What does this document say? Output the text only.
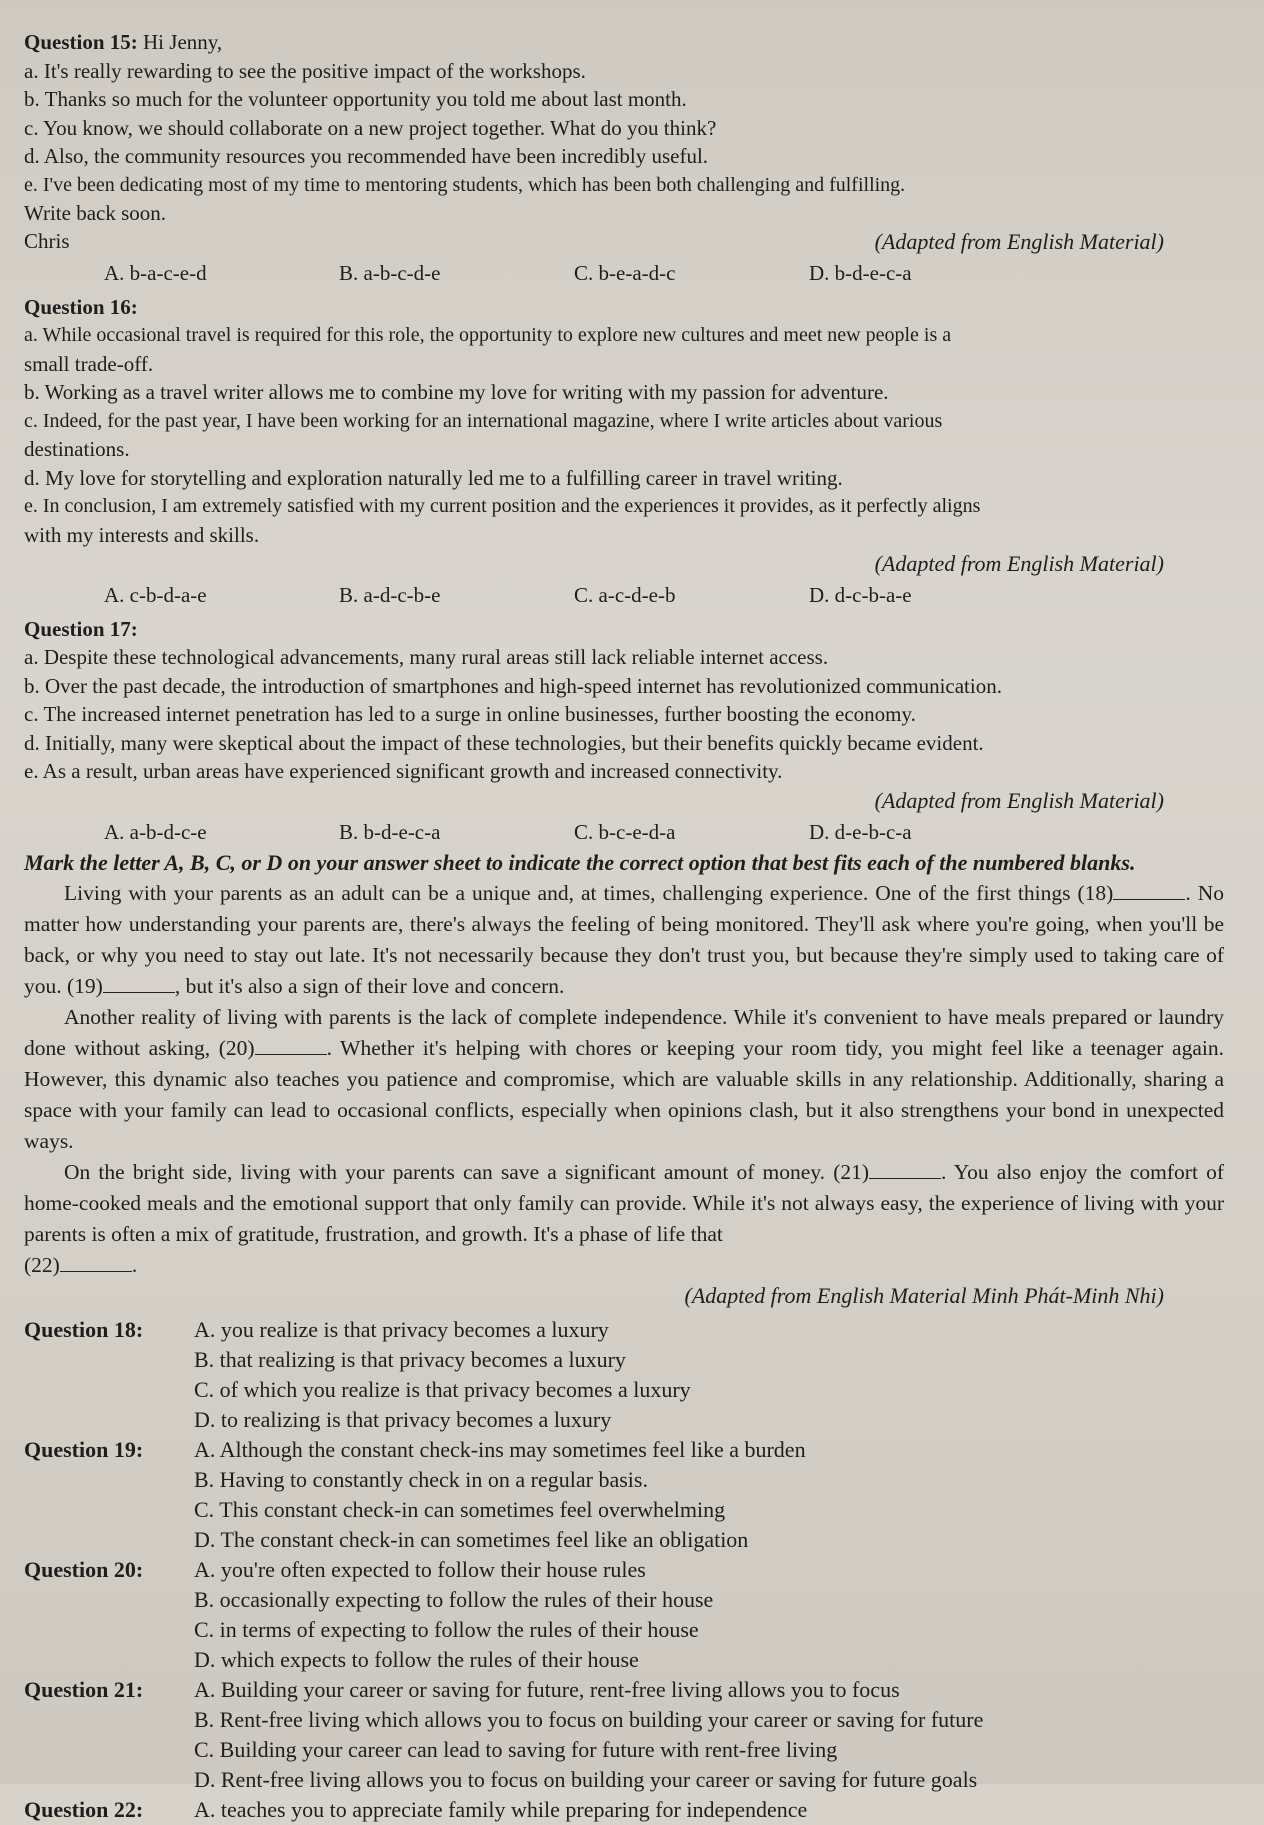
Question 15: Hi Jenny,
a. It's really rewarding to see the positive impact of the workshops.
b. Thanks so much for the volunteer opportunity you told me about last month.
c. You know, we should collaborate on a new project together. What do you think?
d. Also, the community resources you recommended have been incredibly useful.
e. I've been dedicating most of my time to mentoring students, which has been both challenging and fulfilling.
Write back soon.
Chris	(Adapted from English Material)
A. b-a-c-e-d	B. a-b-c-d-e	C. b-e-a-d-c	D. b-d-e-c-a
Question 16:
a. While occasional travel is required for this role, the opportunity to explore new cultures and meet new people is a
small trade-off.
b. Working as a travel writer allows me to combine my love for writing with my passion for adventure.
c. Indeed, for the past year, I have been working for an international magazine, where I write articles about various
destinations.
d. My love for storytelling and exploration naturally led me to a fulfilling career in travel writing.
e. In conclusion, I am extremely satisfied with my current position and the experiences it provides, as it perfectly aligns
with my interests and skills.
(Adapted from English Material)
A. c-b-d-a-e	B. a-d-c-b-e	C. a-c-d-e-b	D. d-c-b-a-e
Question 17:
a. Despite these technological advancements, many rural areas still lack reliable internet access.
b. Over the past decade, the introduction of smartphones and high-speed internet has revolutionized communication.
c. The increased internet penetration has led to a surge in online businesses, further boosting the economy.
d. Initially, many were skeptical about the impact of these technologies, but their benefits quickly became evident.
e. As a result, urban areas have experienced significant growth and increased connectivity.
(Adapted from English Material)
A. a-b-d-c-e	B. b-d-e-c-a	C. b-c-e-d-a	D. d-e-b-c-a
Mark the letter A, B, C, or D on your answer sheet to indicate the correct option that best fits each of the numbered blanks.

Living with your parents as an adult can be a unique and, at times, challenging experience. One of the first things (18)	. No matter how understanding your parents are, there's always the feeling of being monitored. They'll ask where you're going, when you'll be back, or why you need to stay out late. It's not necessarily because they don't trust you, but because they're simply used to taking care of you. (19)	, but it's also a sign of their love and concern.

Another reality of living with parents is the lack of complete independence. While it's convenient to have meals prepared or laundry done without asking, (20)	. Whether it's helping with chores or keeping your room tidy, you might feel like a teenager again. However, this dynamic also teaches you patience and compromise, which are valuable skills in any relationship. Additionally, sharing a space with your family can lead to occasional conflicts, especially when opinions clash, but it also strengthens your bond in unexpected ways.

On the bright side, living with your parents can save a significant amount of money. (21)	. You also enjoy the comfort of home-cooked meals and the emotional support that only family can provide. While it's not always easy, the experience of living with your parents is often a mix of gratitude, frustration, and growth. It's a phase of life that

(22)	.

(Adapted from English Material Minh Phát-Minh Nhi)
Question 18:	A. you realize is that privacy becomes a luxury
B. that realizing is that privacy becomes a luxury
C. of which you realize is that privacy becomes a luxury
D. to realizing is that privacy becomes a luxury
Question 19:	A. Although the constant check-ins may sometimes feel like a burden
B. Having to constantly check in on a regular basis.
C. This constant check-in can sometimes feel overwhelming
D. The constant check-in can sometimes feel like an obligation
Question 20:	A. you're often expected to follow their house rules
B. occasionally expecting to follow the rules of their house
C. in terms of expecting to follow the rules of their house
D. which expects to follow the rules of their house
Question 21:	A. Building your career or saving for future, rent-free living allows you to focus
B. Rent-free living which allows you to focus on building your career or saving for future
C. Building your career can lead to saving for future with rent-free living
D. Rent-free living allows you to focus on building your career or saving for future goals
Question 22:	A. teaches you to appreciate family while preparing for independence
